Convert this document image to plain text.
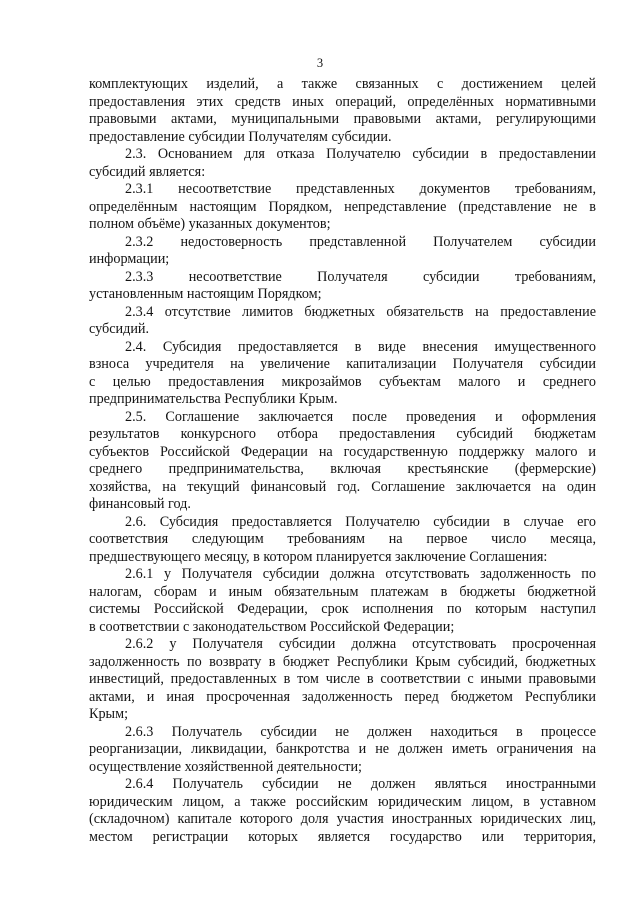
3
комплектующих изделий, а также связанных с достижением целей
предоставления этих средств иных операций, определённых нормативными
правовыми актами, муниципальными правовыми актами, регулирующими
предоставление субсидии Получателям субсидии.
2.3. Основанием для отказа Получателю субсидии в предоставлении
субсидий является:
2.3.1 несоответствие представленных документов требованиям,
определённым настоящим Порядком, непредставление (представление не в
полном объёме) указанных документов;
2.3.2 недостоверность представленной Получателем субсидии
информации;
2.3.3 несоответствие Получателя субсидии требованиям,
установленным настоящим Порядком;
2.3.4 отсутствие лимитов бюджетных обязательств на предоставление
субсидий.
2.4. Субсидия предоставляется в виде внесения имущественного
взноса учредителя на увеличение капитализации Получателя субсидии
с целью предоставления микрозаймов субъектам малого и среднего
предпринимательства Республики Крым.
2.5. Соглашение заключается после проведения и оформления
результатов конкурсного отбора предоставления субсидий бюджетам
субъектов Российской Федерации на государственную поддержку малого и
среднего предпринимательства, включая крестьянские (фермерские)
хозяйства, на текущий финансовый год. Соглашение заключается на один
финансовый год.
2.6. Субсидия предоставляется Получателю субсидии в случае его
соответствия следующим требованиям на первое число месяца,
предшествующего месяцу, в котором планируется заключение Соглашения:
2.6.1 у Получателя субсидии должна отсутствовать задолженность по
налогам, сборам и иным обязательным платежам в бюджеты бюджетной
системы Российской Федерации, срок исполнения по которым наступил
в соответствии с законодательством Российской Федерации;
2.6.2 у Получателя субсидии должна отсутствовать просроченная
задолженность по возврату в бюджет Республики Крым субсидий, бюджетных
инвестиций, предоставленных в том числе в соответствии с иными правовыми
актами, и иная просроченная задолженность перед бюджетом Республики
Крым;
2.6.3 Получатель субсидии не должен находиться в процессе
реорганизации, ликвидации, банкротства и не должен иметь ограничения на
осуществление хозяйственной деятельности;
2.6.4 Получатель субсидии не должен являться иностранными
юридическим лицом, а также российским юридическим лицом, в уставном
(складочном) капитале которого доля участия иностранных юридических лиц,
местом регистрации которых является государство или территория,
